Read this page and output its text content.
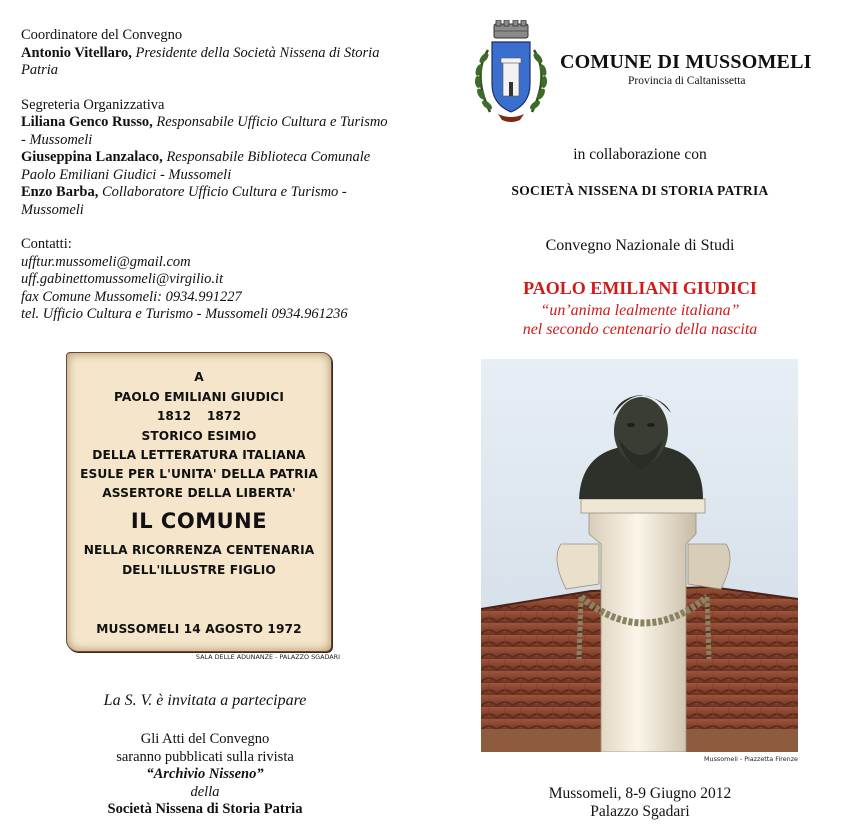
Coordinatore del Convegno
Antonio Vitellaro, Presidente della Società Nissena di Storia Patria
Segreteria Organizzativa
Liliana Genco Russo, Responsabile Ufficio Cultura e Turismo - Mussomeli
Giuseppina Lanzalaco, Responsabile Biblioteca Comunale Paolo Emiliani Giudici - Mussomeli
Enzo Barba, Collaboratore Ufficio Cultura e Turismo - Mussomeli
Contatti:
ufftur.mussomeli@gmail.com
uff.gabinettomussomeli@virgilio.it
fax Comune Mussomeli: 0934.991227
tel. Ufficio Cultura e Turismo - Mussomeli 0934.961236
A
PAOLO EMILIANI GIUDICI
1812 1872
STORICO ESIMIO
DELLA LETTERATURA ITALIANA
ESULE PER L'UNITA' DELLA PATRIA
ASSERTORE DELLA LIBERTA'
IL COMUNE
NELLA RICORRENZA CENTENARIA
DELL'ILLUSTRE FIGLIO
MUSSOMELI 14 AGOSTO 1972
SALA DELLE ADUNANZE - PALAZZO SGADARI
La S. V. è invitata a partecipare
Gli Atti del Convegno
saranno pubblicati sulla rivista
“Archivio Nisseno”
della
Società Nissena di Storia Patria
COMUNE DI MUSSOMELI
Provincia di Caltanissetta
in collaborazione con
SOCIETÀ NISSENA DI STORIA PATRIA
Convegno Nazionale di Studi
PAOLO EMILIANI GIUDICI
“un’anima lealmente italiana”
nel secondo centenario della nascita
Mussomeli - Piazzetta Firenze
Mussomeli, 8-9 Giugno 2012
Palazzo Sgadari
